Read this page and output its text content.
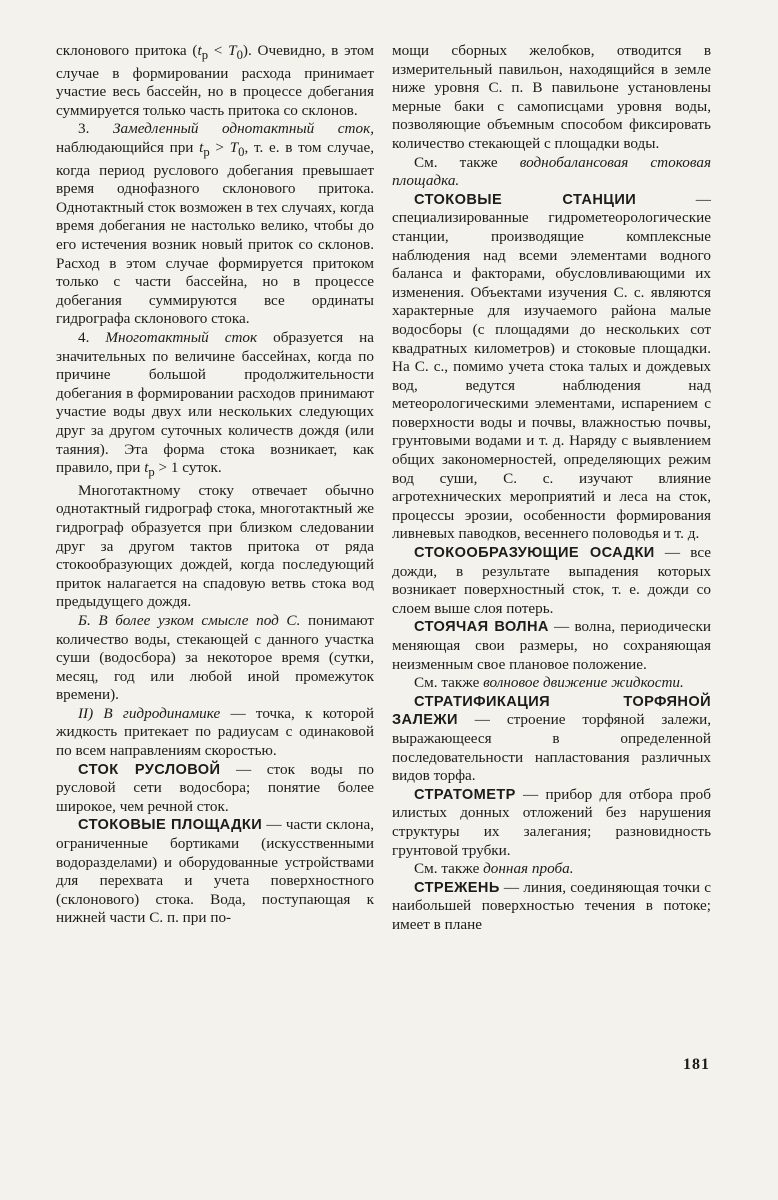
склонового притока $(t_р < T_0)$. Очевидно, в этом случае в формировании расхода принимает участие весь бассейн, но в процессе добегания суммируется только часть притока со склонов.

3. Замедленный однотактный сток, наблюдающийся при $t_р > T_0$, т. е. в том случае, когда период руслового добегания превышает время однофазного склонового притока. Однотактный сток возможен в тех случаях, когда время добегания не настолько велико, чтобы до его истечения возник новый приток со склонов. Расход в этом случае формируется притоком только с части бассейна, но в процессе добегания суммируются все ординаты гидрографа склонового стока.

4. Многотактный сток образуется на значительных по величине бассейнах, когда по причине большой продолжительности добегания в формировании расходов принимают участие воды двух или нескольких следующих друг за другом суточных количеств дождя (или таяния). Эта форма стока возникает, как правило, при $t_р > 1$ суток.

Многотактному стоку отвечает обычно однотактный гидрограф стока, многотактный же гидрограф образуется при близком следовании друг за другом тактов притока от ряда стокообразующих дождей, когда последующий приток налагается на спадовую ветвь стока вод предыдущего дождя.

Б. В более узком смысле под С. понимают количество воды, стекающей с данного участка суши (водосбора) за некоторое время (сутки, месяц, год или любой иной промежуток времени).

II) В гидродинамике — точка, к которой жидкость притекает по радиусам с одинаковой по всем направлениям скоростью.

СТОК РУСЛОВОЙ — сток воды по русловой сети водосбора; понятие более широкое, чем речной сток.

СТОКОВЫЕ ПЛОЩАДКИ — части склона, ограниченные бортиками (искусственными водоразделами) и оборудованные устройствами для перехвата и учета поверхностного (склонового) стока. Вода, поступающая к нижней части С. п. при по-

мощи сборных желобков, отводится в измерительный павильон, находящийся в земле ниже уровня С. п. В павильоне установлены мерные баки с самописцами уровня воды, позволяющие объемным способом фиксировать количество стекающей с площадки воды.

См. также воднобалансовая стоковая площадка.

СТОКОВЫЕ СТАНЦИИ — специализированные гидрометеорологические станции, производящие комплексные наблюдения над всеми элементами водного баланса и факторами, обусловливающими их изменения. Объектами изучения С. с. являются характерные для изучаемого района малые водосборы (с площадями до нескольких сот квадратных километров) и стоковые площадки. На С. с., помимо учета стока талых и дождевых вод, ведутся наблюдения над метеорологическими элементами, испарением с поверхности воды и почвы, влажностью почвы, грунтовыми водами и т. д. Наряду с выявлением общих закономерностей, определяющих режим вод суши, С. с. изучают влияние агротехнических мероприятий и леса на сток, процессы эрозии, особенности формирования ливневых паводков, весеннего половодья и т. д.

СТОКООБРАЗУЮЩИЕ ОСАДКИ — все дожди, в результате выпадения которых возникает поверхностный сток, т. е. дожди со слоем выше слоя потерь.

СТОЯЧАЯ ВОЛНА — волна, периодически меняющая свои размеры, но сохраняющая неизменным свое плановое положение.

См. также волновое движение жидкости.

СТРАТИФИКАЦИЯ ТОРФЯНОЙ ЗАЛЕЖИ — строение торфяной залежи, выражающееся в определенной последовательности напластования различных видов торфа.

СТРАТОМЕТР — прибор для отбора проб илистых донных отложений без нарушения структуры их залегания; разновидность грунтовой трубки.

См. также донная проба.

СТРЕЖЕНЬ — линия, соединяющая точки с наибольшей поверхностью течения в потоке; имеет в плане

181
